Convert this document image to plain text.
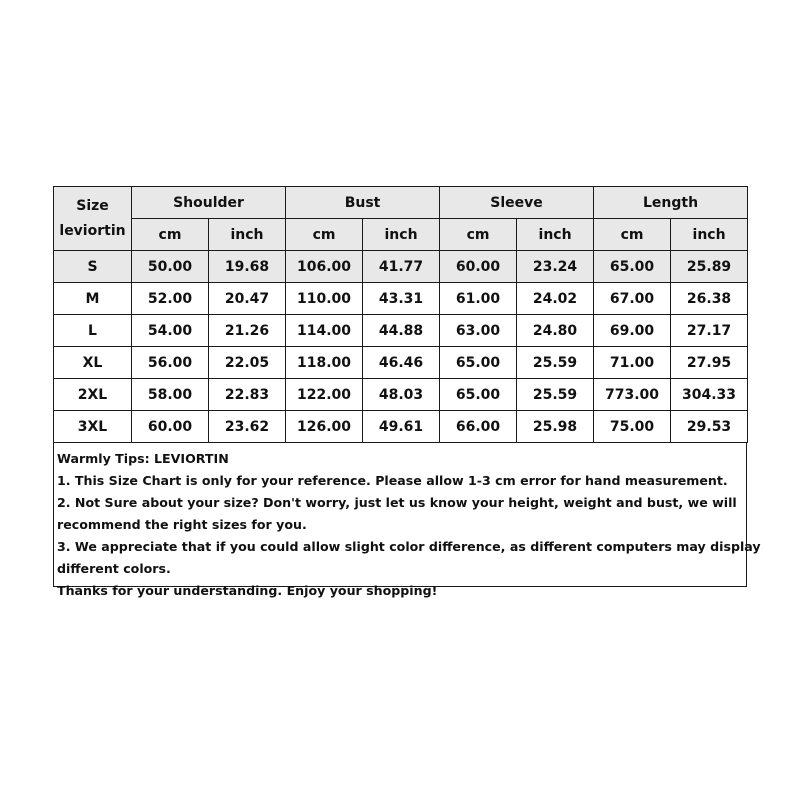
Size
leviortin	Shoulder		Bust		Sleeve		Length	
	cm	inch	cm	inch	cm	inch	cm	inch
S	50.00	19.68	106.00	41.77	60.00	23.24	65.00	25.89
M	52.00	20.47	110.00	43.31	61.00	24.02	67.00	26.38
L	54.00	21.26	114.00	44.88	63.00	24.80	69.00	27.17
XL	56.00	22.05	118.00	46.46	65.00	25.59	71.00	27.95
2XL	58.00	22.83	122.00	48.03	65.00	25.59	773.00	304.33
3XL	60.00	23.62	126.00	49.61	66.00	25.98	75.00	29.53
Warmly Tips: LEVIORTIN
1. This Size Chart is only for your reference. Please allow 1-3 cm error for hand measurement.
2. Not Sure about your size? Don't worry, just let us know your height, weight and bust, we will
recommend the right sizes for you.
3. We appreciate that if you could allow slight color difference, as different computers may display
different colors.
Thanks for your understanding. Enjoy your shopping!
